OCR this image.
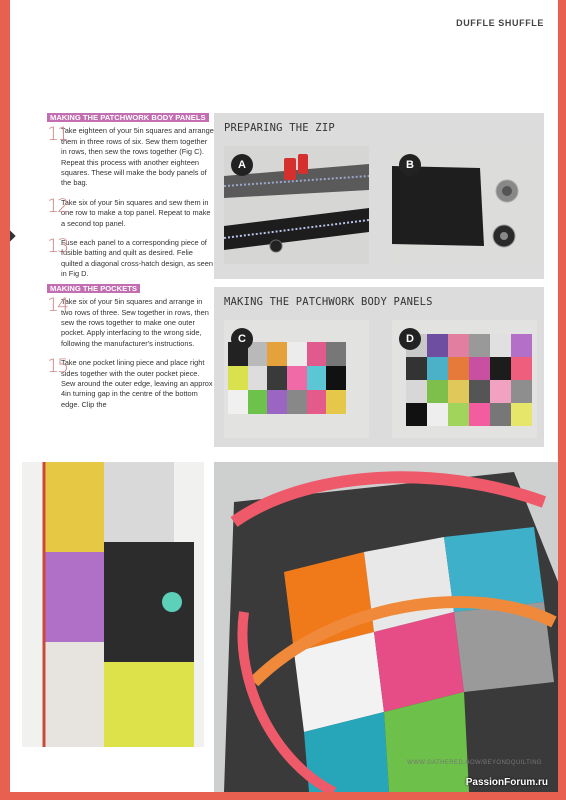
DUFFLE SHUFFLE
MAKING THE PATCHWORK BODY PANELS
11
Take eighteen of your 5in squares and arrange them in three rows of six. Sew them together in rows, then sew the rows together (Fig C). Repeat this process with another eighteen squares. These will make the body panels of the bag.
12
Take six of your 5in squares and sew them in one row to make a top panel. Repeat to make a second top panel.
13
Fuse each panel to a corresponding piece of fusible batting and quilt as desired. Felie quilted a diagonal cross-hatch design, as seen in Fig D.
MAKING THE POCKETS
14
Take six of your 5in squares and arrange in two rows of three. Sew together in rows, then sew the rows together to make one outer pocket. Apply interfacing to the wrong side, following the manufacturer's instructions.
15
Take one pocket lining piece and place right sides together with the outer pocket piece. Sew around the outer edge, leaving an approx 4in turning gap in the centre of the bottom edge. Clip the
PREPARING THE ZIP
A	B
MAKING THE PATCHWORK BODY PANELS
C	D
WWW.GATHERED.HOW/BEYONDQUILTING
PassionForum.ru
